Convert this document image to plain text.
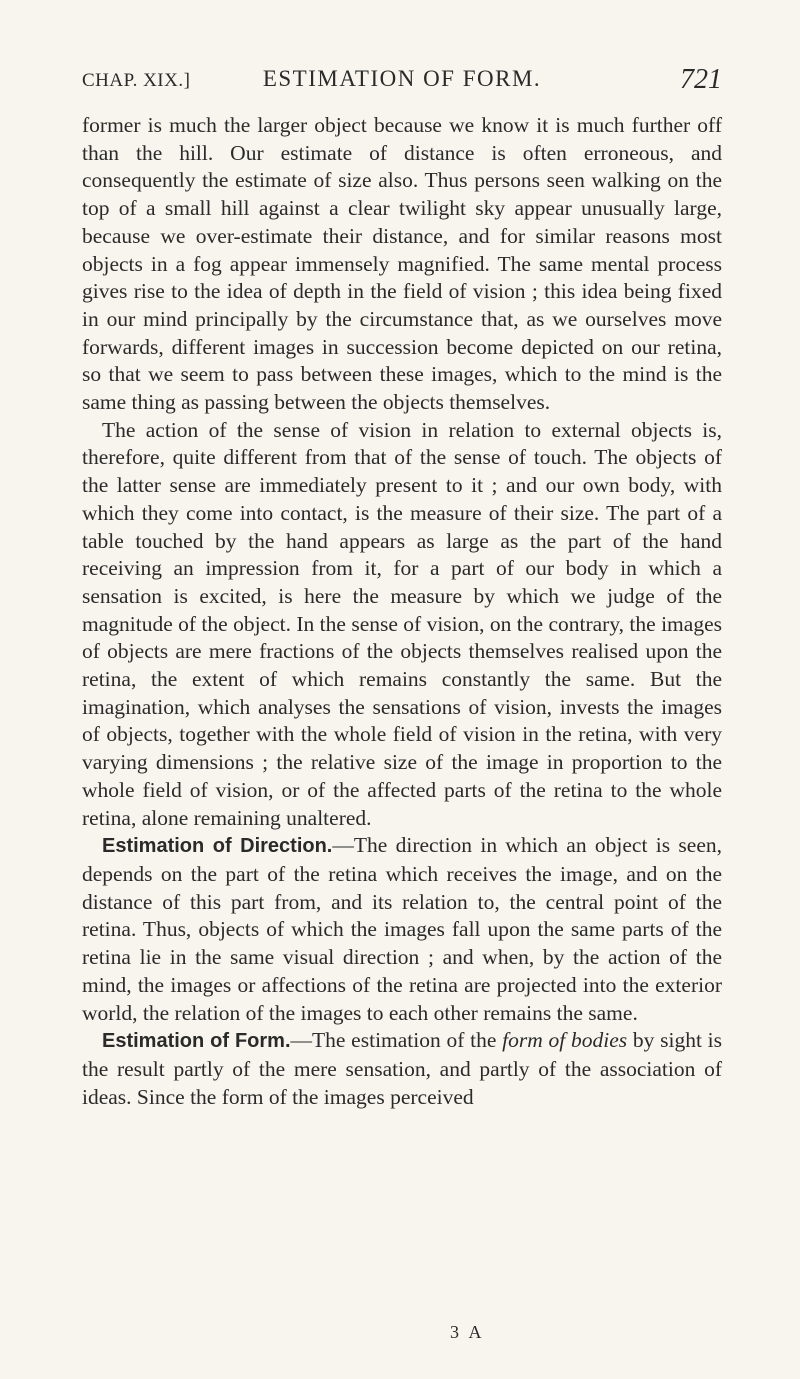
CHAP. XIX.]	ESTIMATION OF FORM.	721

former is much the larger object because we know it is much further off than the hill. Our estimate of distance is often erroneous, and consequently the estimate of size also. Thus persons seen walking on the top of a small hill against a clear twilight sky appear unusually large, because we over-estimate their distance, and for similar reasons most objects in a fog appear immensely magnified. The same mental process gives rise to the idea of depth in the field of vision ; this idea being fixed in our mind principally by the circumstance that, as we ourselves move forwards, different images in succession become depicted on our retina, so that we seem to pass between these images, which to the mind is the same thing as passing between the objects themselves.

The action of the sense of vision in relation to external objects is, therefore, quite different from that of the sense of touch. The objects of the latter sense are immediately present to it ; and our own body, with which they come into contact, is the measure of their size. The part of a table touched by the hand appears as large as the part of the hand receiving an impression from it, for a part of our body in which a sensation is excited, is here the measure by which we judge of the magnitude of the object. In the sense of vision, on the contrary, the images of objects are mere fractions of the objects themselves realised upon the retina, the extent of which remains constantly the same. But the imagination, which analyses the sensations of vision, invests the images of objects, together with the whole field of vision in the retina, with very varying dimensions ; the relative size of the image in proportion to the whole field of vision, or of the affected parts of the retina to the whole retina, alone remaining unaltered.

Estimation of Direction.—The direction in which an object is seen, depends on the part of the retina which receives the image, and on the distance of this part from, and its relation to, the central point of the retina. Thus, objects of which the images fall upon the same parts of the retina lie in the same visual direction ; and when, by the action of the mind, the images or affections of the retina are projected into the exterior world, the relation of the images to each other remains the same.

Estimation of Form.—The estimation of the form of bodies by sight is the result partly of the mere sensation, and partly of the association of ideas. Since the form of the images perceived

3 A
